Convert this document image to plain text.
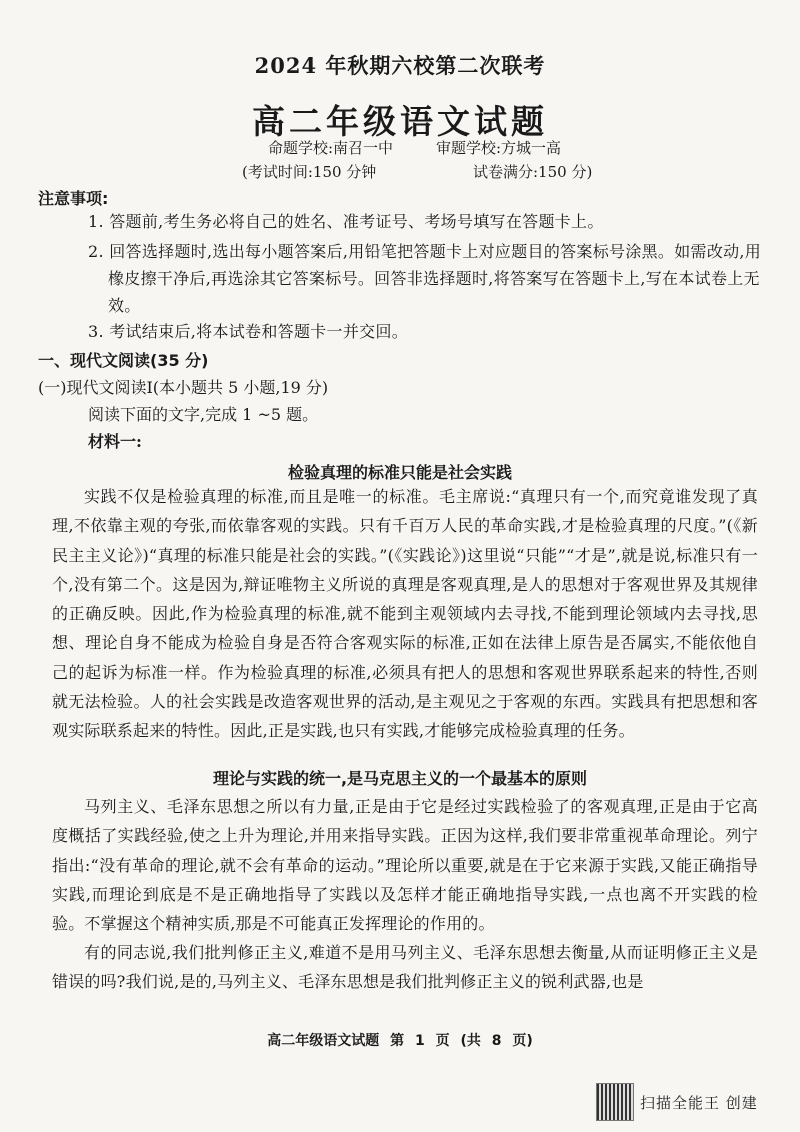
2024 年秋期六校第二次联考
高二年级语文试题
命题学校:南召一中	审题学校:方城一高
(考试时间:150 分钟	试卷满分:150 分)
注意事项:
1. 答题前,考生务必将自己的姓名、准考证号、考场号填写在答题卡上。
2. 回答选择题时,选出每小题答案后,用铅笔把答题卡上对应题目的答案标号涂黑。如需改动,用橡皮擦干净后,再选涂其它答案标号。回答非选择题时,将答案写在答题卡上,写在本试卷上无效。
3. 考试结束后,将本试卷和答题卡一并交回。
一、现代文阅读(35 分)
(一)现代文阅读Ⅰ(本小题共 5 小题,19 分)
阅读下面的文字,完成 1 ~5 题。
材料一:
检验真理的标准只能是社会实践
实践不仅是检验真理的标准,而且是唯一的标准。毛主席说:“真理只有一个,而究竟谁发现了真理,不依靠主观的夸张,而依靠客观的实践。只有千百万人民的革命实践,才是检验真理的尺度。”(《新民主主义论》)“真理的标准只能是社会的实践。”(《实践论》)这里说“只能”“才是”,就是说,标准只有一个,没有第二个。这是因为,辩证唯物主义所说的真理是客观真理,是人的思想对于客观世界及其规律的正确反映。因此,作为检验真理的标准,就不能到主观领域内去寻找,不能到理论领域内去寻找,思想、理论自身不能成为检验自身是否符合客观实际的标准,正如在法律上原告是否属实,不能依他自己的起诉为标准一样。作为检验真理的标准,必须具有把人的思想和客观世界联系起来的特性,否则就无法检验。人的社会实践是改造客观世界的活动,是主观见之于客观的东西。实践具有把思想和客观实际联系起来的特性。因此,正是实践,也只有实践,才能够完成检验真理的任务。
理论与实践的统一,是马克思主义的一个最基本的原则
马列主义、毛泽东思想之所以有力量,正是由于它是经过实践检验了的客观真理,正是由于它高度概括了实践经验,使之上升为理论,并用来指导实践。正因为这样,我们要非常重视革命理论。列宁指出:“没有革命的理论,就不会有革命的运动。”理论所以重要,就是在于它来源于实践,又能正确指导实践,而理论到底是不是正确地指导了实践以及怎样才能正确地指导实践,一点也离不开实践的检验。不掌握这个精神实质,那是不可能真正发挥理论的作用的。
有的同志说,我们批判修正主义,难道不是用马列主义、毛泽东思想去衡量,从而证明修正主义是错误的吗?我们说,是的,马列主义、毛泽东思想是我们批判修正主义的锐利武器,也是
高二年级语文试题 第 1 页 (共 8 页)
扫描全能王 创建
